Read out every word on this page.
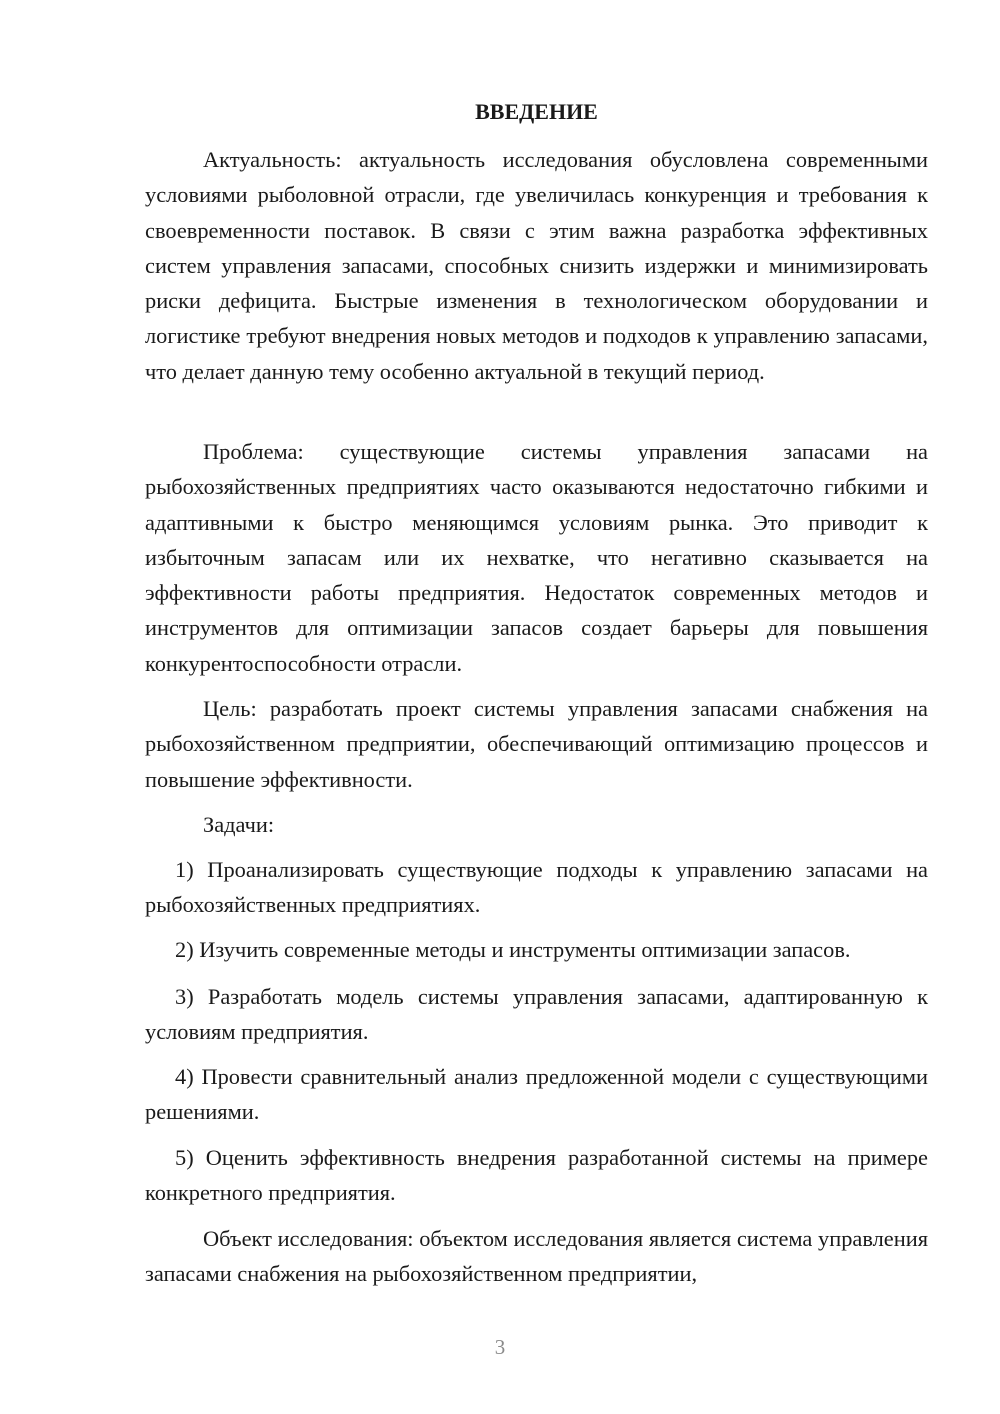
ВВЕДЕНИЕ

Актуальность: актуальность исследования обусловлена современными условиями рыболовной отрасли, где увеличилась конкуренция и требования к своевременности поставок. В связи с этим важна разработка эффективных систем управления запасами, способных снизить издержки и минимизировать риски дефицита. Быстрые изменения в технологическом оборудовании и логистике требуют внедрения новых методов и подходов к управлению запасами, что делает данную тему особенно актуальной в текущий период.

Проблема: существующие системы управления запасами на рыбохозяйственных предприятиях часто оказываются недостаточно гибкими и адаптивными к быстро меняющимся условиям рынка. Это приводит к избыточным запасам или их нехватке, что негативно сказывается на эффективности работы предприятия. Недостаток современных методов и инструментов для оптимизации запасов создает барьеры для повышения конкурентоспособности отрасли.

Цель: разработать проект системы управления запасами снабжения на рыбохозяйственном предприятии, обеспечивающий оптимизацию процессов и повышение эффективности.

Задачи:

1) Проанализировать существующие подходы к управлению запасами на рыбохозяйственных предприятиях.

2) Изучить современные методы и инструменты оптимизации запасов.

3) Разработать модель системы управления запасами, адаптированную к условиям предприятия.

4) Провести сравнительный анализ предложенной модели с существующими решениями.

5) Оценить эффективность внедрения разработанной системы на примере конкретного предприятия.

Объект исследования: объектом исследования является система управления запасами снабжения на рыбохозяйственном предприятии,

3
